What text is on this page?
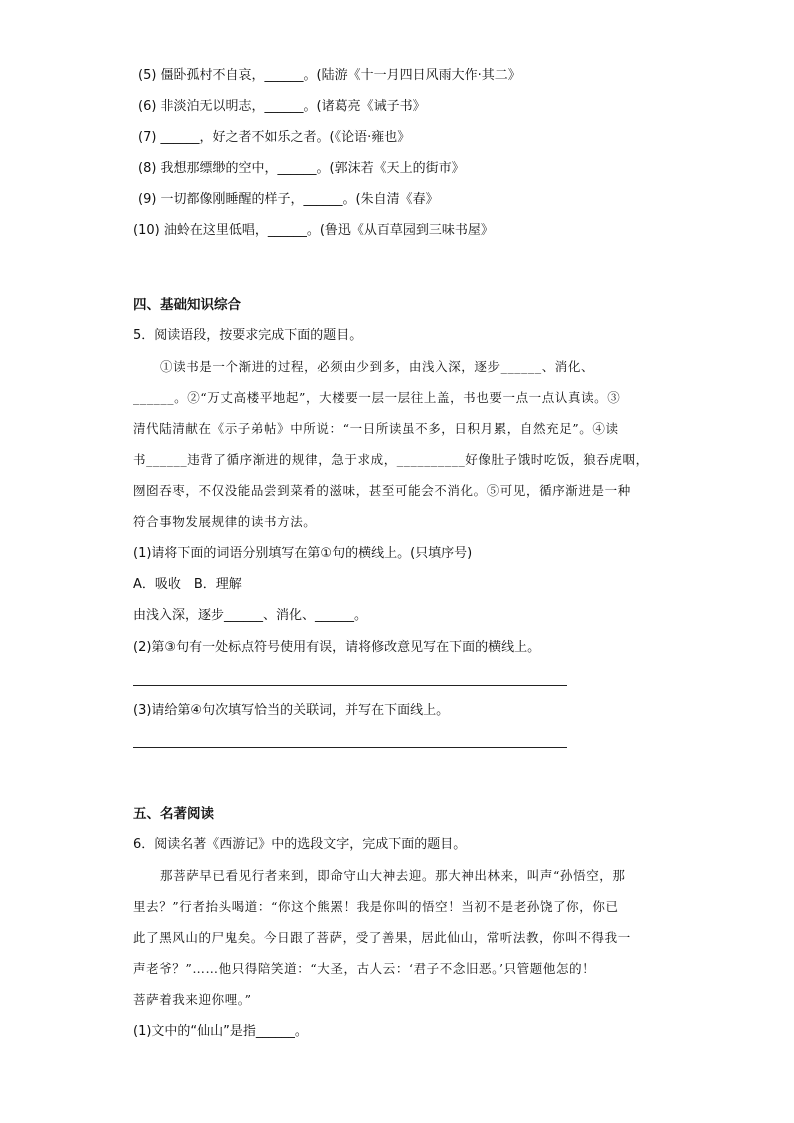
(5) 僵卧孤村不自哀，______。(陆游《十一月四日风雨大作·其二》
(6) 非淡泊无以明志，______。(诸葛亮《诫子书》
(7) ______，好之者不如乐之者。(《论语·雍也》
(8) 我想那缥缈的空中，______。(郭沫若《天上的街市》
(9) 一切都像刚睡醒的样子，______。(朱自清《春》
(10) 油蛉在这里低唱，______。(鲁迅《从百草园到三味书屋》
四、基础知识综合
5．阅读语段，按要求完成下面的题目。
①读书是一个渐进的过程，必须由少到多，由浅入深，逐步______、消化、
______。②“万丈高楼平地起”，大楼要一层一层往上盖，书也要一点一点认真读。③
清代陆清献在《示子弟帖》中所说：“一日所读虽不多，日积月累，自然充足”。④读
书______违背了循序渐进的规律，急于求成，__________好像肚子饿时吃饭，狼吞虎咽，
囫囵吞枣，不仅没能品尝到菜肴的滋味，甚至可能会不消化。⑤可见，循序渐进是一种
符合事物发展规律的读书方法。
(1)请将下面的词语分别填写在第①句的横线上。(只填序号)
A．吸收　B．理解
由浅入深，逐步______、消化、______。
(2)第③句有一处标点符号使用有误，请将修改意见写在下面的横线上。
(3)请给第④句次填写恰当的关联词，并写在下面线上。
五、名著阅读
6．阅读名著《西游记》中的选段文字，完成下面的题目。
那菩萨早已看见行者来到，即命守山大神去迎。那大神出林来，叫声“孙悟空，那
里去？”行者抬头喝道：“你这个熊罴！我是你叫的悟空！当初不是老孙饶了你，你已
此了黑风山的尸鬼矣。今日跟了菩萨，受了善果，居此仙山，常听法教，你叫不得我一
声老爷？”……他只得陪笑道：“大圣，古人云：‘君子不念旧恶。’只管题他怎的！
菩萨着我来迎你哩。”
(1)文中的“仙山”是指______。
